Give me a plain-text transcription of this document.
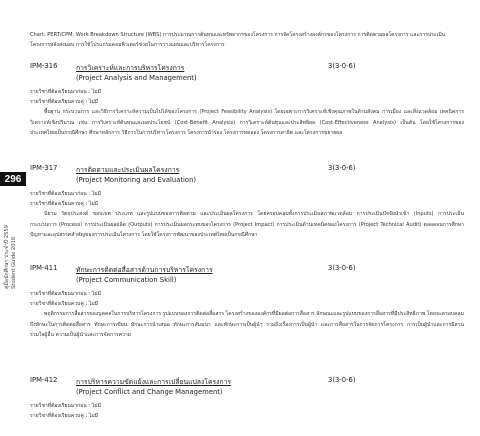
Chart, PERT/CPM, Work Breakdown Structure (WBS) การประมาณการต้นทุนและทรัพยากรของโครงการ การจัดโครงสร้างองค์กรของโครงการ การติดตามผลโครงการ และการประเมินโครงการหลังส่งมอบ การใช้โปรแกรมคอมพิวเตอร์ช่วยในการวางแผนและบริหารโครงการ
IPM-316	การวิเคราะห์และการบริหารโครงการ	3(3-0-6)
(Project Analysis and Management)
รายวิชาที่ต้องเรียนมาก่อน : ไม่มี
รายวิชาที่ต้องเรียนควบคู่ : ไม่มี
พื้นฐาน กระบวนการ และวิธีการวิเคราะห์ความเป็นไปได้ของโครงการ (Project Feasibility Analysis) โดยเฉพาะการวิเคราะห์เชิงคุณภาพในด้านสังคม การเมือง และสิ่งแวดล้อม เทคนิคการวิเคราะห์เชิงปริมาณ เช่น การวิเคราะห์ต้นทุนและผลประโยชน์ (Cost-Benefit Analysis) การวิเคราะห์ต้นทุนและประสิทธิผล (Cost-Effectiveness Analysis) เป็นต้น โดยใช้โครงการของประเทศไทยเป็นกรณีศึกษา ศึกษาหลักการ วิธีการในการบริหารโครงการ โครงการนำร่อง โครงการทดลอง โครงการสาธิต และโครงการขยายผล
IPM-317	การติดตามและประเมินผลโครงการ	3(3-0-6)
(Project Monitoring and Evaluation)
รายวิชาที่ต้องเรียนมาก่อน : ไม่มี
รายวิชาที่ต้องเรียนควบคู่ : ไม่มี
นิยาม วัตถุประสงค์ ขอบเขต ประเภท และรูปแบบของการติดตาม และประเมินผลโครงการ โดยครอบคลุมทั้งการประเมินสภาพแวดล้อม การประเมินปัจจัยนำเข้า (Inputs) การประเมินกระบวนการ (Process) การประเมินผลผลิต (Outputs) การประเมินผลกระทบของโครงการ (Project Impact) การประเมินด้านเทคนิคของโครงการ (Project Technical Audit) ตลอดจนการศึกษาปัญหาและอุปสรรคสำคัญของการประเมินโครงการ โดยใช้โครงการพัฒนาของประเทศไทยเป็นกรณีศึกษา
IPM-411	ทักษะการติดต่อสื่อสารด้านการบริหารโครงการ	3(3-0-6)
(Project Communication Skill)
รายวิชาที่ต้องเรียนมาก่อน : ไม่มี
รายวิชาที่ต้องเรียนควบคู่ : ไม่มี
พฤติกรรมการสื่อสารของบุคคลในการบริหารโครงการ รูปแบบของการติดต่อสื่อสาร โครงสร้างขององค์กรที่มีผลต่อการสื่อสาร ลักษณะและรูปแบบของการสื่อสารที่มีประสิทธิภาพ โดยจะครอบคลุมถึงทักษะในการติดต่อสื่อสาร ทักษะการเขียน ทักษะการนำเสนอ ทักษะการสัมมนา และทักษะการเป็นผู้นำ รวมถึงเรื่องการเป็นผู้นำ และการสื่อสารในการจัดการโครงการ การเป็นผู้นำและการมีส่วนร่วมใจผู้อื่น ความเป็นผู้นำและการจัดการความ
IPM-412	การบริหารความขัดแย้งและการเปลี่ยนแปลงโครงการ	3(3-0-6)
(Project Conflict and Change Management)
รายวิชาที่ต้องเรียนมาก่อน : ไม่มี
รายวิชาที่ต้องเรียนควบคู่ : ไม่มี
296
คู่มือนักศึกษา ประจำปี 2559 Student Guide 2016
